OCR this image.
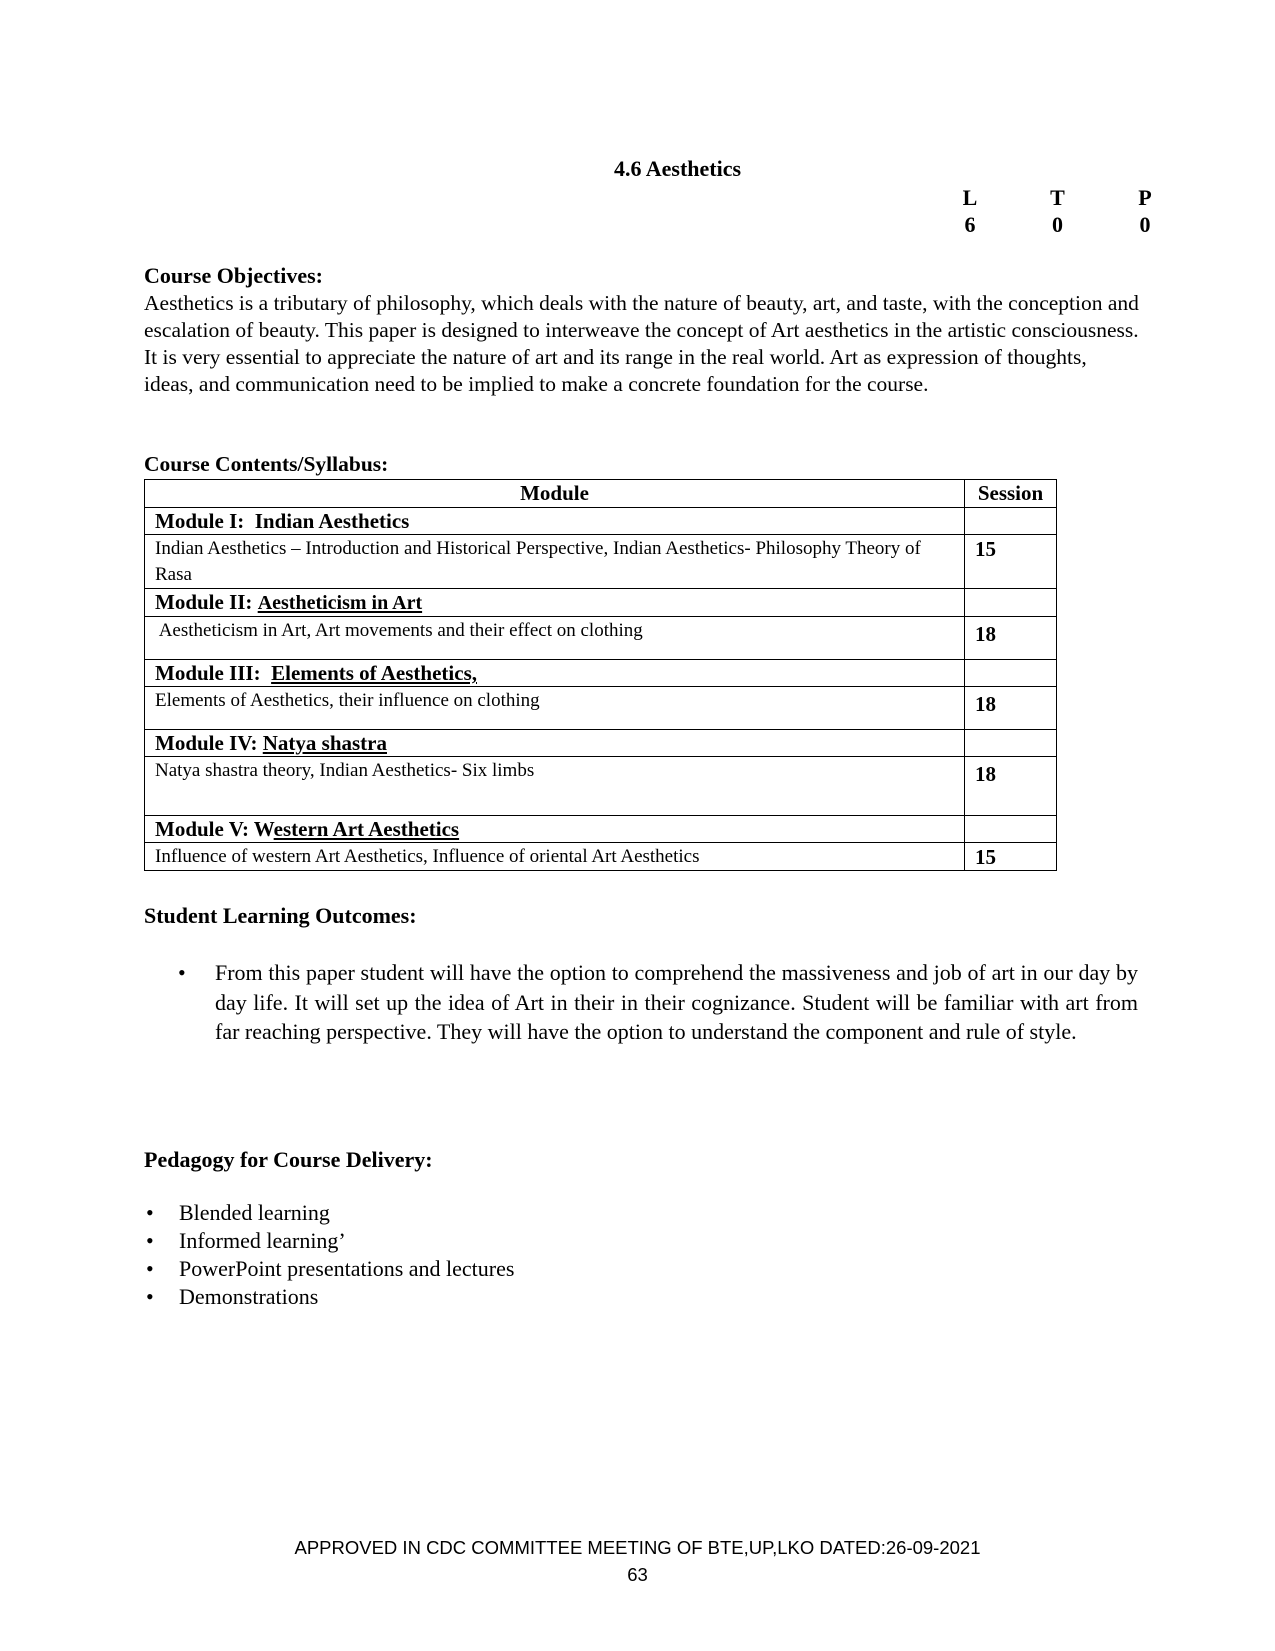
4.6 Aesthetics
L	T	P
6	0	0
Course Objectives:
Aesthetics is a tributary of philosophy, which deals with the nature of beauty, art, and taste, with the conception and escalation of beauty. This paper is designed to interweave the concept of Art aesthetics in the artistic consciousness. It is very essential to appreciate the nature of art and its range in the real world. Art as expression of thoughts, ideas, and communication need to be implied to make a concrete foundation for the course.
Course Contents/Syllabus:
Module	Session
Module I:  Indian Aesthetics	
Indian Aesthetics – Introduction and Historical Perspective, Indian Aesthetics- Philosophy Theory of Rasa	15
Module II: Aestheticism in Art	
Aestheticism in Art, Art movements and their effect on clothing	18
Module III:  Elements of Aesthetics,	
Elements of Aesthetics, their influence on clothing	18
Module IV: Natya shastra	
Natya shastra theory, Indian Aesthetics- Six limbs	18
Module V: Western Art Aesthetics	
Influence of western Art Aesthetics, Influence of oriental Art Aesthetics	15
Student Learning Outcomes:
• From this paper student will have the option to comprehend the massiveness and job of art in our day by day life. It will set up the idea of Art in their in their cognizance. Student will be familiar with art from far reaching perspective. They will have the option to understand the component and rule of style.
Pedagogy for Course Delivery:
• Blended learning
• Informed learning’
• PowerPoint presentations and lectures
• Demonstrations
APPROVED IN CDC COMMITTEE MEETING OF BTE,UP,LKO DATED:26-09-2021
63
